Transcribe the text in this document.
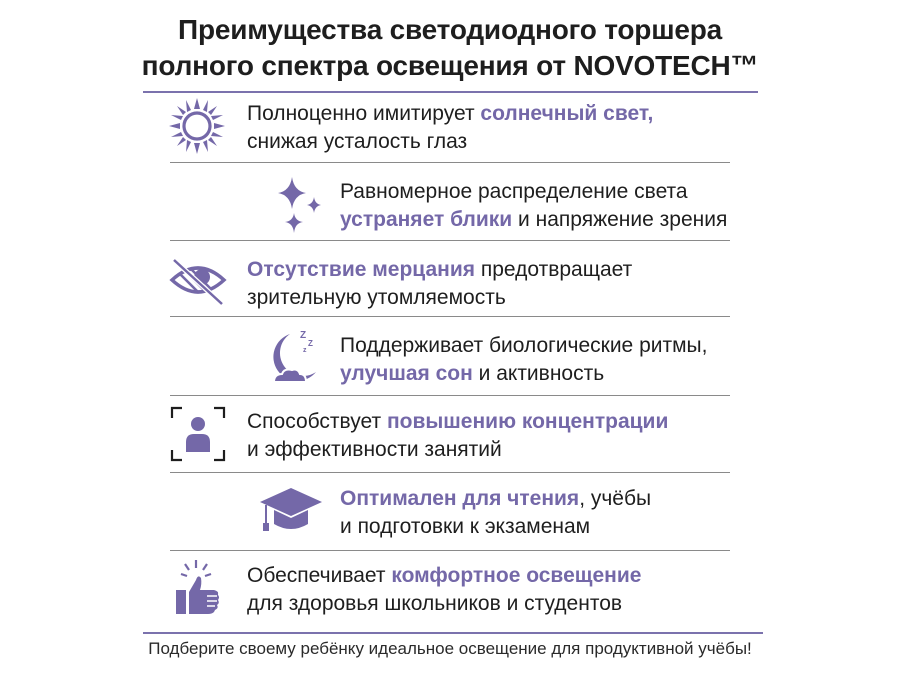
Преимущества светодиодного торшера
полного спектра освещения от NOVOTECH™
Полноценно имитирует солнечный свет,
снижая усталость глаз
Равномерное распределение света
устраняет блики и напряжение зрения
Отсутствие мерцания предотвращает
зрительную утомляемость
Z
Z
z Поддерживает биологические ритмы,
улучшая сон и активность
Способствует повышению концентрации
и эффективности занятий
Оптимален для чтения, учёбы
и подготовки к экзаменам
Обеспечивает комфортное освещение
для здоровья школьников и студентов
Подберите своему ребёнку идеальное освещение для продуктивной учёбы!
